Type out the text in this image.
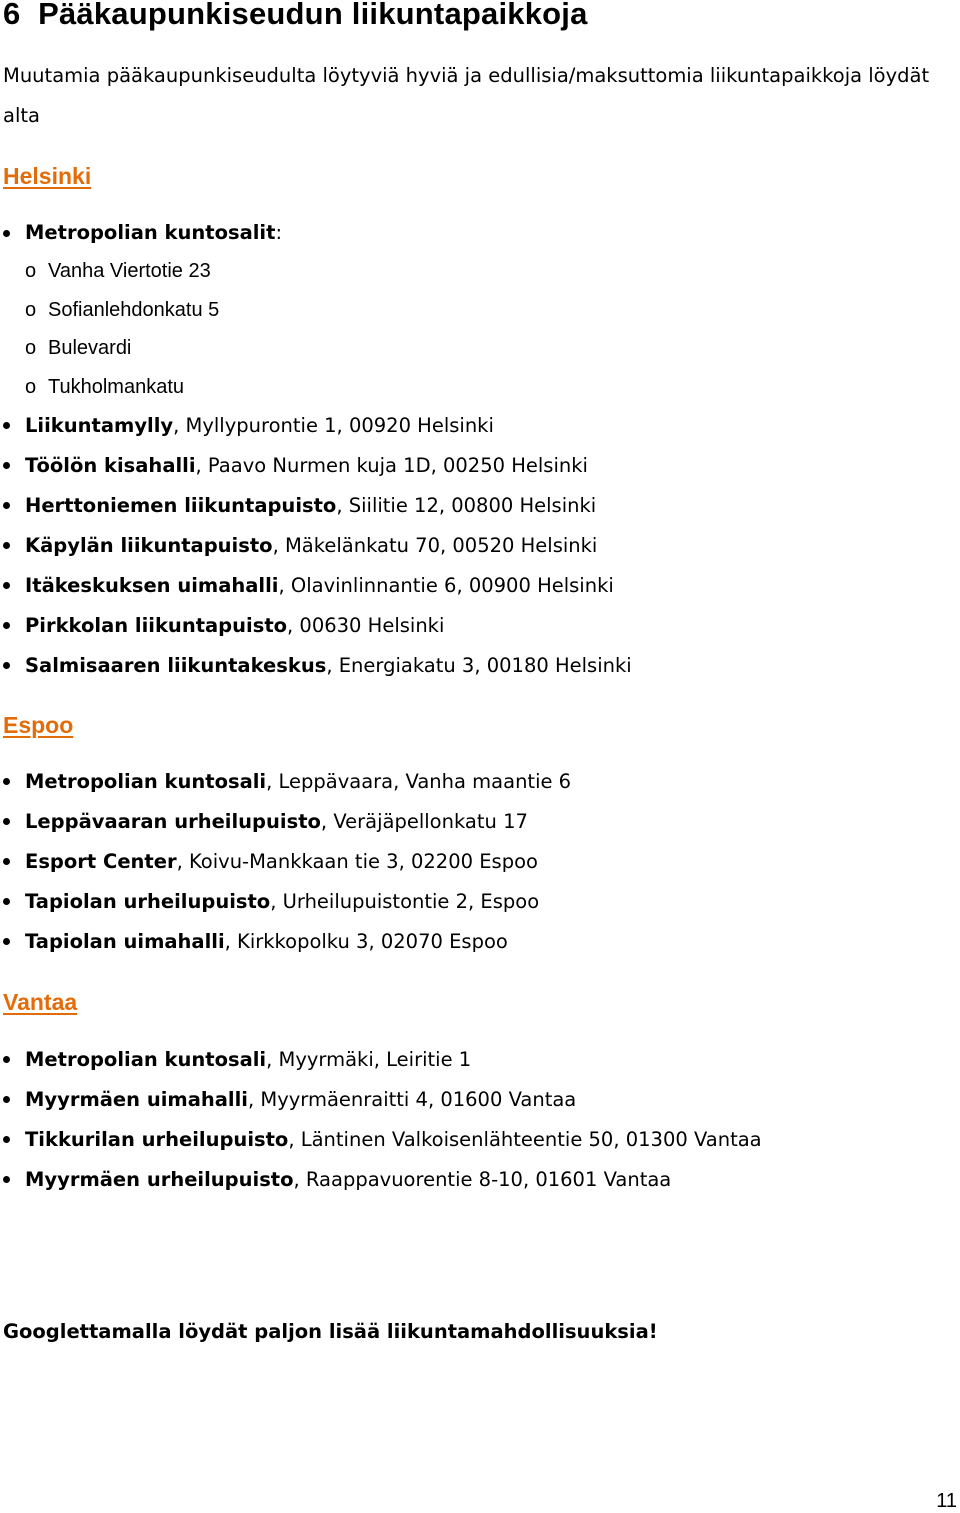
6 Pääkaupunkiseudun liikuntapaikkoja

Muutamia pääkaupunkiseudulta löytyviä hyviä ja edullisia/maksuttomia liikuntapaikkoja löydät alta

Helsinki
Metropolian kuntosalit:
o Vanha Viertotie 23
o Sofianlehdonkatu 5
o Bulevardi
o Tukholmankatu
Liikuntamylly, Myllypurontie 1, 00920 Helsinki
Töölön kisahalli, Paavo Nurmen kuja 1D, 00250 Helsinki
Herttoniemen liikuntapuisto, Siilitie 12, 00800 Helsinki
Käpylän liikuntapuisto, Mäkelänkatu 70, 00520 Helsinki
Itäkeskuksen uimahalli, Olavinlinnantie 6, 00900 Helsinki
Pirkkolan liikuntapuisto, 00630 Helsinki
Salmisaaren liikuntakeskus, Energiakatu 3, 00180 Helsinki
Espoo
Metropolian kuntosali, Leppävaara, Vanha maantie 6
Leppävaaran urheilupuisto, Veräjäpellonkatu 17
Esport Center, Koivu-Mankkaan tie 3, 02200 Espoo
Tapiolan urheilupuisto, Urheilupuistontie 2, Espoo
Tapiolan uimahalli, Kirkkopolku 3, 02070 Espoo
Vantaa
Metropolian kuntosali, Myyrmäki, Leiritie 1
Myyrmäen uimahalli, Myyrmäenraitti 4, 01600 Vantaa
Tikkurilan urheilupuisto, Läntinen Valkoisenlähteentie 50, 01300 Vantaa
Myyrmäen urheilupuisto, Raappavuorentie 8-10, 01601 Vantaa

Googlettamalla löydät paljon lisää liikuntamahdollisuuksia!

11
